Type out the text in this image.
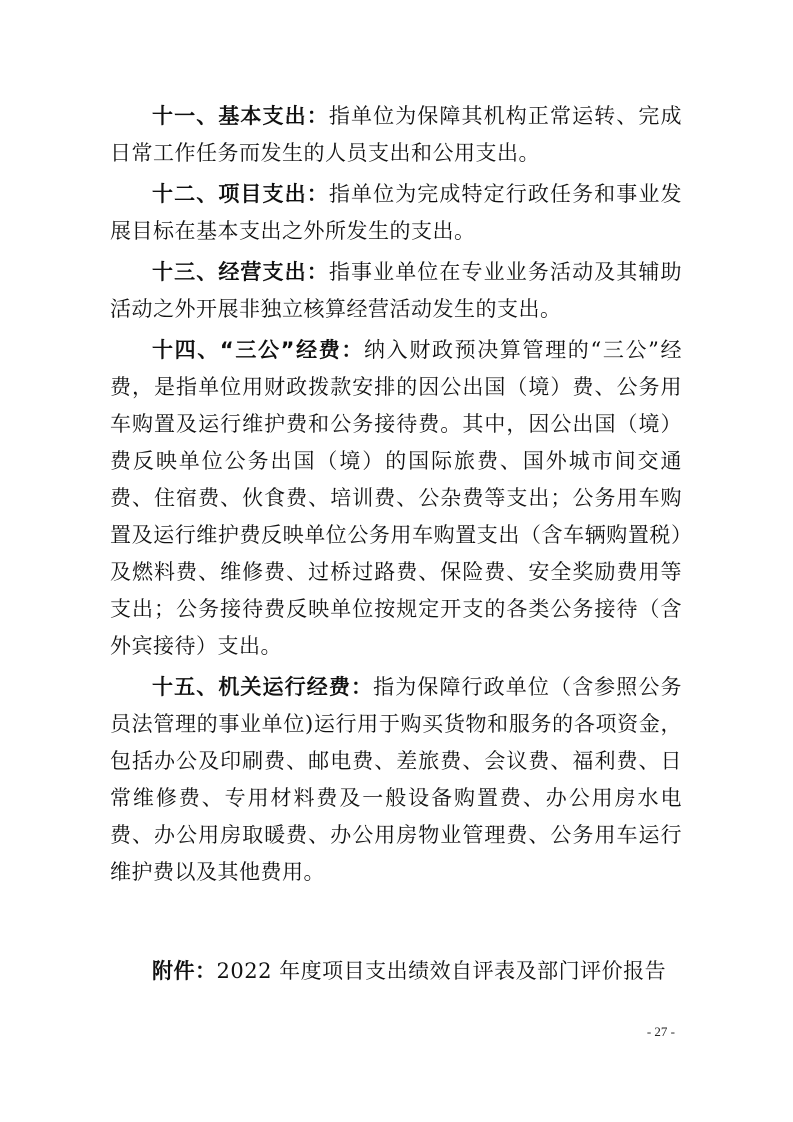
十一、基本支出：指单位为保障其机构正常运转、完成日常工作任务而发生的人员支出和公用支出。

十二、项目支出：指单位为完成特定行政任务和事业发展目标在基本支出之外所发生的支出。

十三、经营支出：指事业单位在专业业务活动及其辅助活动之外开展非独立核算经营活动发生的支出。

十四、“三公”经费：纳入财政预决算管理的“三公”经费，是指单位用财政拨款安排的因公出国（境）费、公务用车购置及运行维护费和公务接待费。其中，因公出国（境）费反映单位公务出国（境）的国际旅费、国外城市间交通费、住宿费、伙食费、培训费、公杂费等支出；公务用车购置及运行维护费反映单位公务用车购置支出（含车辆购置税）及燃料费、维修费、过桥过路费、保险费、安全奖励费用等支出；公务接待费反映单位按规定开支的各类公务接待（含外宾接待）支出。

十五、机关运行经费：指为保障行政单位（含参照公务员法管理的事业单位)运行用于购买货物和服务的各项资金，包括办公及印刷费、邮电费、差旅费、会议费、福利费、日常维修费、专用材料费及一般设备购置费、办公用房水电费、办公用房取暖费、办公用房物业管理费、公务用车运行维护费以及其他费用。

附件：2022 年度项目支出绩效自评表及部门评价报告
- 27 -
